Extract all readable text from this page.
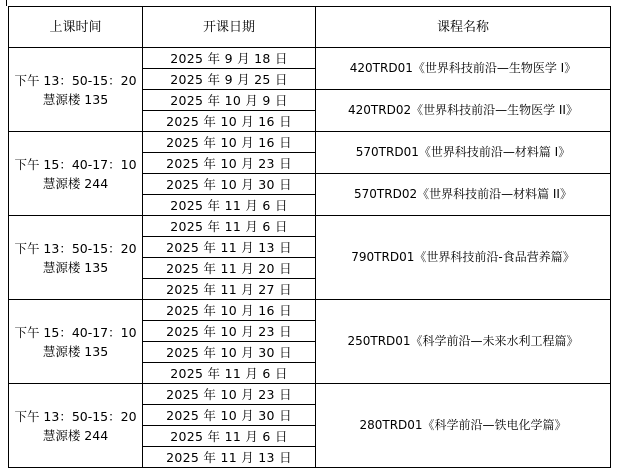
上课时间	开课日期	课程名称

下午 13：50-15：20
慧源楼 135	2025 年 9 月 18 日	420TRD01《世界科技前沿—生物医学 I》
	2025 年 9 月 25 日	
	2025 年 10 月 9 日	420TRD02《世界科技前沿—生物医学 II》
	2025 年 10 月 16 日	

下午 15：40-17：10
慧源楼 244	2025 年 10 月 16 日	570TRD01《世界科技前沿—材料篇 I》
	2025 年 10 月 23 日	
	2025 年 10 月 30 日	570TRD02《世界科技前沿—材料篇 II》
	2025 年 11 月 6 日	

下午 13：50-15：20
慧源楼 135	2025 年 11 月 6 日	790TRD01《世界科技前沿-食品营养篇》
	2025 年 11 月 13 日	
	2025 年 11 月 20 日	
	2025 年 11 月 27 日	

下午 15：40-17：10
慧源楼 135	2025 年 10 月 16 日	250TRD01《科学前沿—未来水利工程篇》
	2025 年 10 月 23 日	
	2025 年 10 月 30 日	
	2025 年 11 月 6 日	

下午 13：50-15：20
慧源楼 244	2025 年 10 月 23 日	280TRD01《科学前沿—铁电化学篇》
	2025 年 10 月 30 日	
	2025 年 11 月 6 日	
	2025 年 11 月 13 日	
